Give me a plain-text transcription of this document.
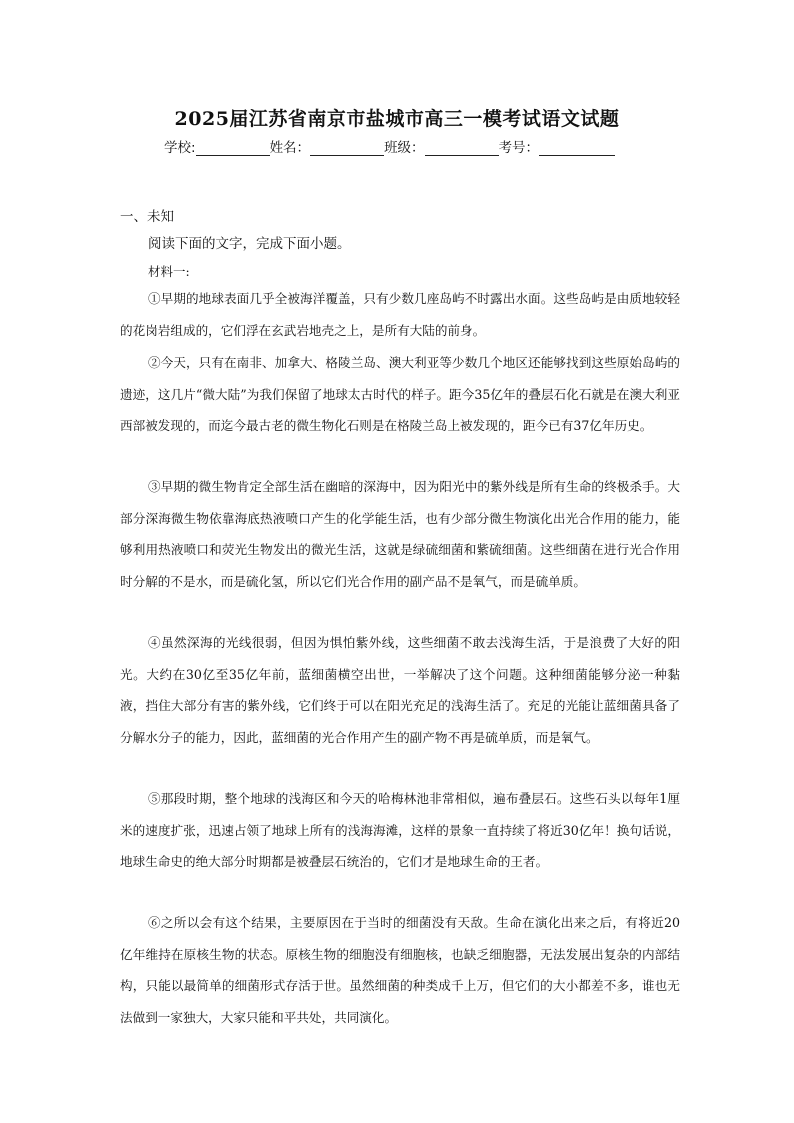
2025届江苏省南京市盐城市高三一模考试语文试题
学校:	姓名：	班级：	考号：
一、未知
阅读下面的文字，完成下面小题。
材料一:

①早期的地球表面几乎全被海洋覆盖，只有少数几座岛屿不时露出水面。这些岛屿是由质地较轻的花岗岩组成的，它们浮在玄武岩地壳之上，是所有大陆的前身。

②今天，只有在南非、加拿大、格陵兰岛、澳大利亚等少数几个地区还能够找到这些原始岛屿的遗迹，这几片“微大陆”为我们保留了地球太古时代的样子。距今35亿年的叠层石化石就是在澳大利亚西部被发现的，而迄今最古老的微生物化石则是在格陵兰岛上被发现的，距今已有37亿年历史。

③早期的微生物肯定全部生活在幽暗的深海中，因为阳光中的紫外线是所有生命的终极杀手。大部分深海微生物依靠海底热液喷口产生的化学能生活，也有少部分微生物演化出光合作用的能力，能够利用热液喷口和荧光生物发出的微光生活，这就是绿硫细菌和紫硫细菌。这些细菌在进行光合作用时分解的不是水，而是硫化氢，所以它们光合作用的副产品不是氧气，而是硫单质。

④虽然深海的光线很弱，但因为惧怕紫外线，这些细菌不敢去浅海生活，于是浪费了大好的阳光。大约在30亿至35亿年前，蓝细菌横空出世，一举解决了这个问题。这种细菌能够分泌一种黏液，挡住大部分有害的紫外线，它们终于可以在阳光充足的浅海生活了。充足的光能让蓝细菌具备了分解水分子的能力，因此，蓝细菌的光合作用产生的副产物不再是硫单质，而是氧气。

⑤那段时期，整个地球的浅海区和今天的哈梅林池非常相似，遍布叠层石。这些石头以每年1厘米的速度扩张，迅速占领了地球上所有的浅海海滩，这样的景象一直持续了将近30亿年！换句话说，地球生命史的绝大部分时期都是被叠层石统治的，它们才是地球生命的王者。

⑥之所以会有这个结果，主要原因在于当时的细菌没有天敌。生命在演化出来之后，有将近20亿年维持在原核生物的状态。原核生物的细胞没有细胞核，也缺乏细胞器，无法发展出复杂的内部结构，只能以最简单的细菌形式存活于世。虽然细菌的种类成千上万，但它们的大小都差不多，谁也无法做到一家独大，大家只能和平共处，共同演化。
